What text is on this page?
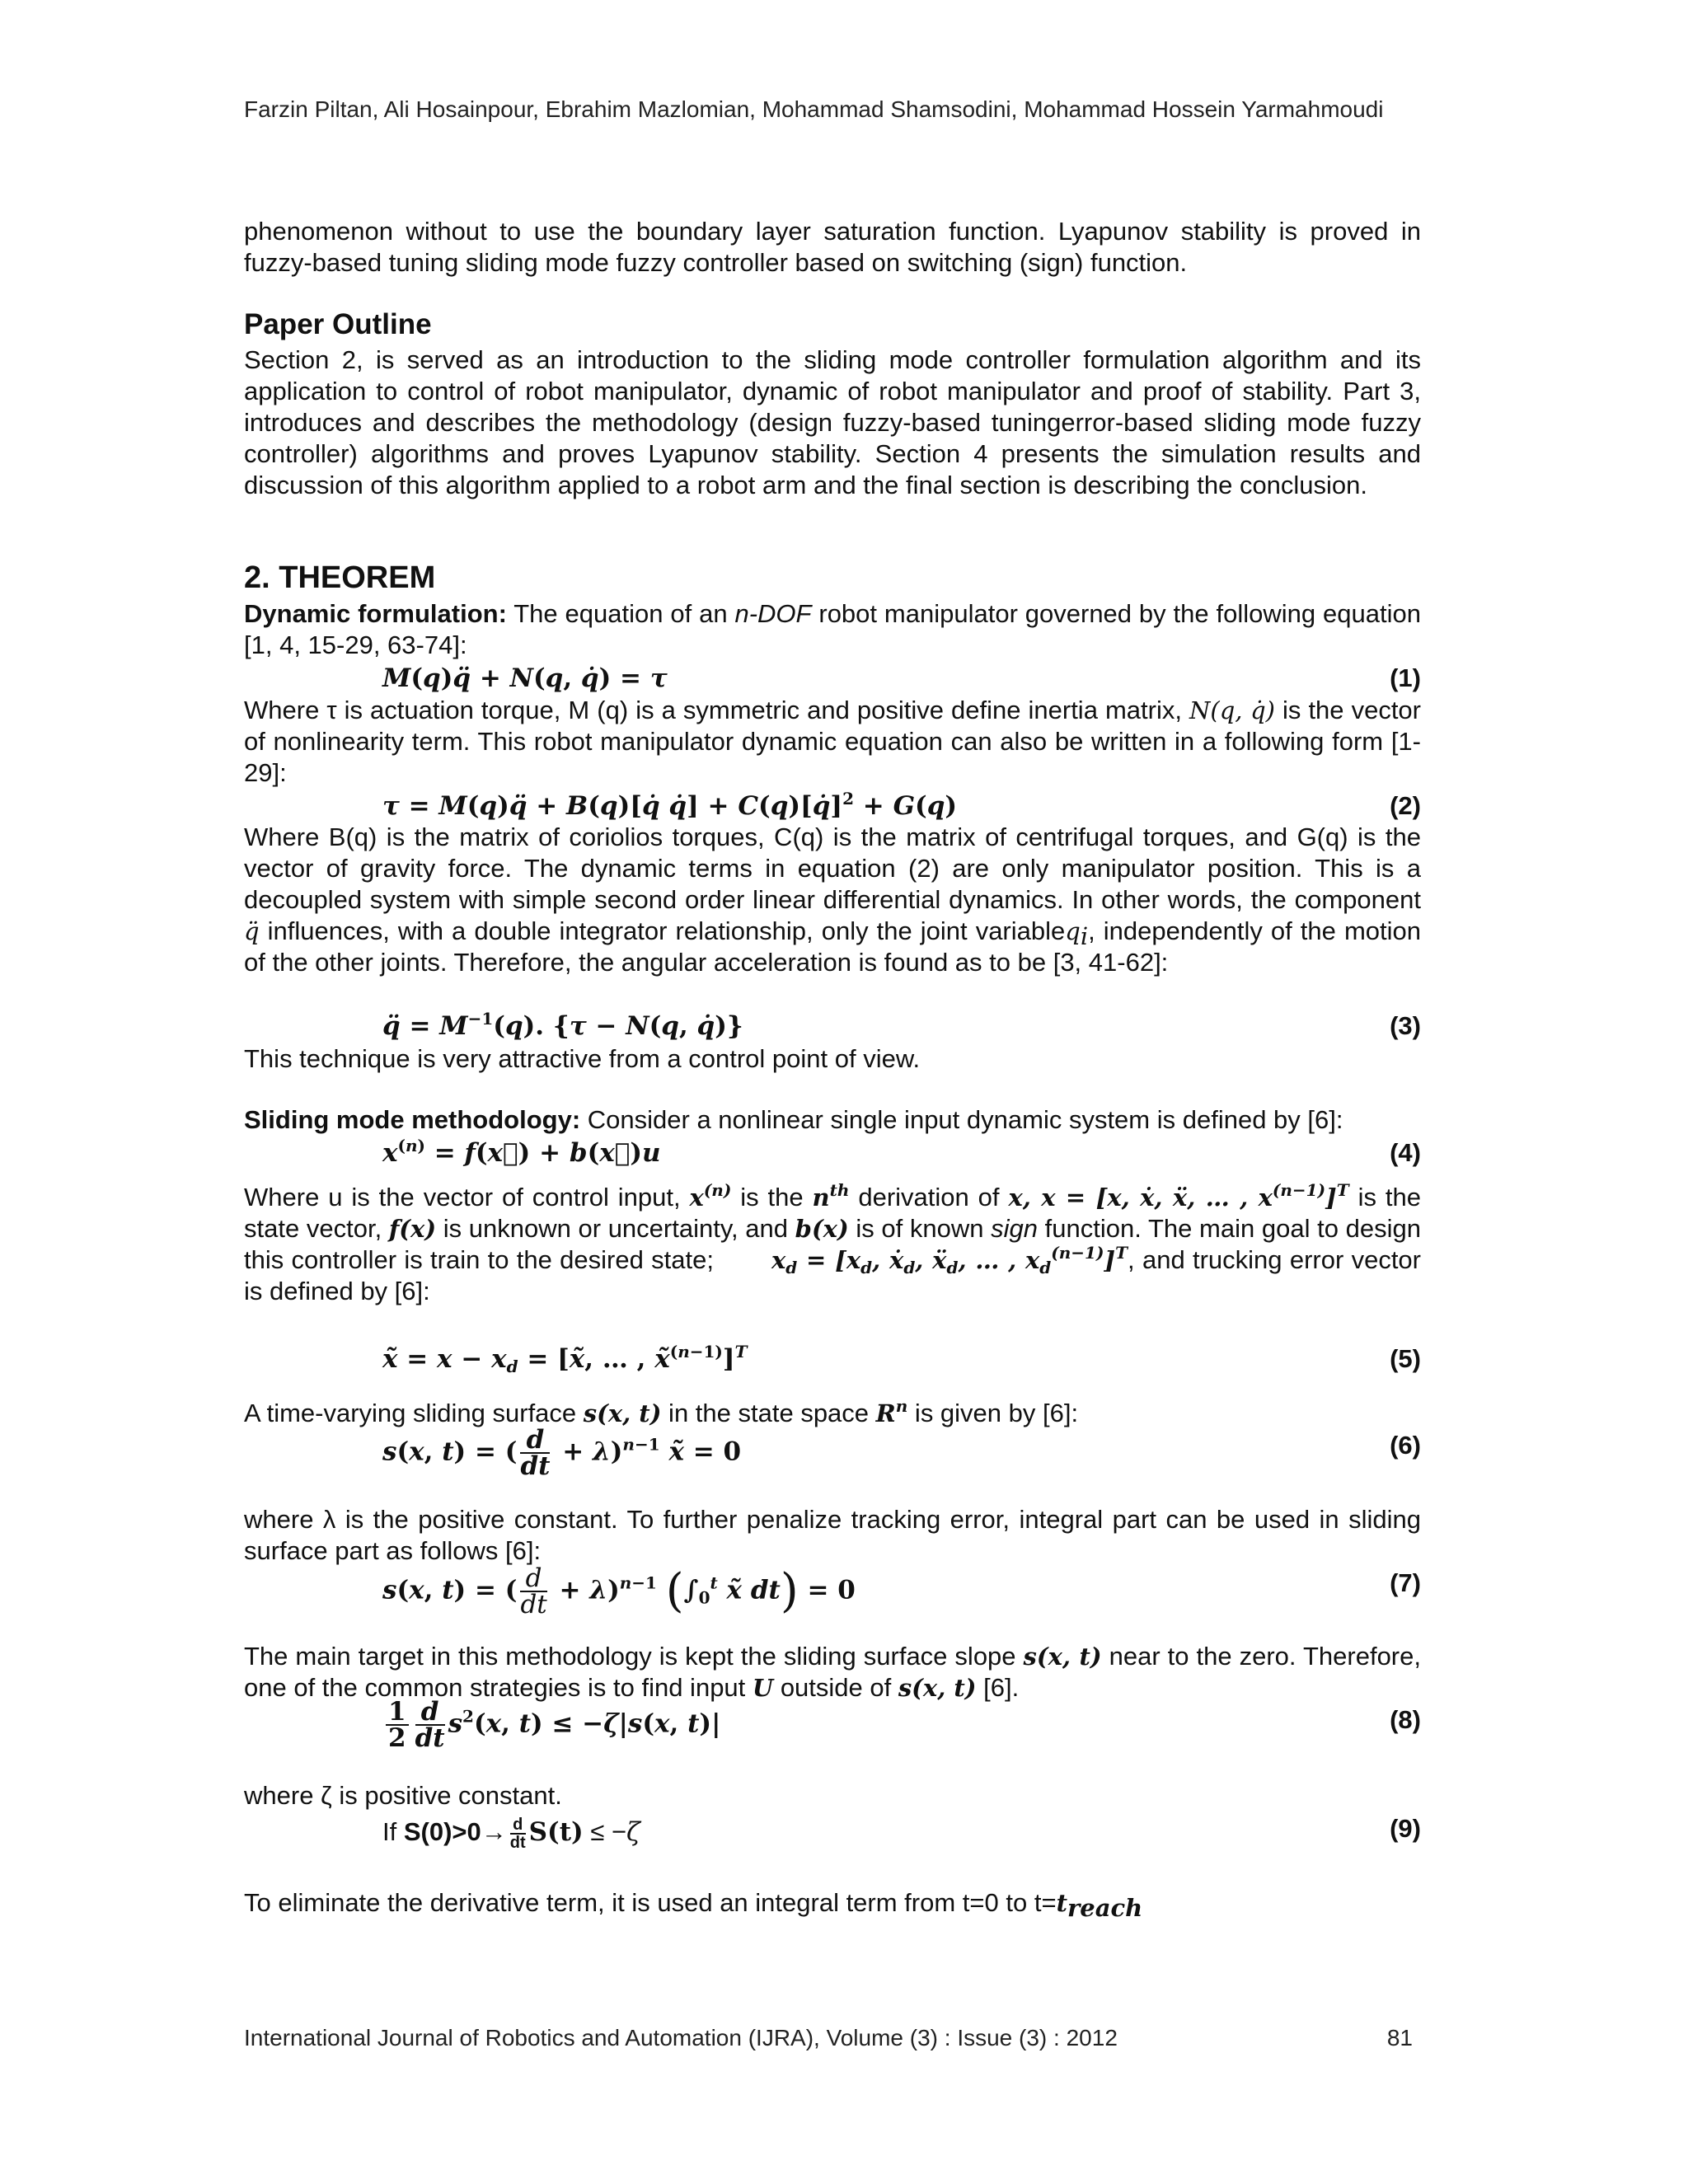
Farzin Piltan, Ali Hosainpour, Ebrahim Mazlomian, Mohammad Shamsodini, Mohammad Hossein Yarmahmoudi
phenomenon without to use the boundary layer saturation function. Lyapunov stability is proved in fuzzy-based tuning sliding mode fuzzy controller based on switching (sign) function.
Paper Outline
Section 2, is served as an introduction to the sliding mode controller formulation algorithm and its application to control of robot manipulator, dynamic of robot manipulator and proof of stability. Part 3, introduces and describes the methodology (design fuzzy-based tuningerror-based sliding mode fuzzy controller) algorithms and proves Lyapunov stability. Section 4 presents the simulation results and discussion of this algorithm applied to a robot arm and the final section is describing the conclusion.
2. THEOREM
Dynamic formulation: The equation of an n-DOF robot manipulator governed by the following equation [1, 4, 15-29, 63-74]:
M(q)q̈ + N(q, q̇) = τ	(1)
Where τ is actuation torque, M (q) is a symmetric and positive define inertia matrix, N(q, q̇) is the vector of nonlinearity term. This robot manipulator dynamic equation can also be written in a following form [1-29]:
τ = M(q)q̈ + B(q)[q̇ q̇] + C(q)[q̇]$^2$ + G(q)	(2)
Where B(q) is the matrix of coriolios torques, C(q) is the matrix of centrifugal torques, and G(q) is the vector of gravity force. The dynamic terms in equation (2) are only manipulator position. This is a decoupled system with simple second order linear differential dynamics. In other words, the component q̈ influences, with a double integrator relationship, only the joint variableq$_i$, independently of the motion of the other joints. Therefore, the angular acceleration is found as to be [3, 41-62]:
q̈ = $M^{-1}(q)$. {τ − N(q, q̇)}	(3)
This technique is very attractive from a control point of view.
Sliding mode methodology: Consider a nonlinear single input dynamic system is defined by [6]:
$x^{(n)}$ = f(x⃗) + b(x⃗)u	(4)
Where u is the vector of control input, $x^{(n)}$ is the $n^{th}$ derivation of x, x = [x, ẋ, ẍ, … , $x^{(n-1)}]^T$ is the state vector, f(x) is unknown or uncertainty, and b(x) is of known sign function. The main goal to design this controller is train to the desired state; $x_d = [x_d$, ẋ$_d$, ẍ$_d$, … , $x_d^{(n-1)}]^T$, and trucking error vector is defined by [6]:
x̃ = $x - x_d$ = [x̃, … , x̃$^{(n-1)}$]$^T$	(5)
A time-varying sliding surface s(x, t) in the state space $R^n$ is given by [6]:
s(x, t) = ( $\frac{d}{dt} + \lambda)^{n-1}$ x̃ = 0	(6)
where λ is the positive constant. To further penalize tracking error, integral part can be used in sliding surface part as follows [6]:
s(x, t) = ( $\frac{d}{dt} + \lambda)^{n-1}$ ($\int_0^t$ x̃ dt) = 0	(7)
The main target in this methodology is kept the sliding surface slope s(x, t) near to the zero. Therefore, one of the common strategies is to find input U outside of s(x, t) [6].
$\frac{1}{2} \frac{d}{dt} s^2(x$, t) ≤ −ζ|s(x, t)|	(8)
where ζ is positive constant.
If $S(0)>0\to \frac{d}{dt} S(t) \le -\zeta$	(9)
To eliminate the derivative term, it is used an integral term from t=0 to $t=t_{reach}$
International Journal of Robotics and Automation (IJRA), Volume (3) : Issue (3) : 2012	81
